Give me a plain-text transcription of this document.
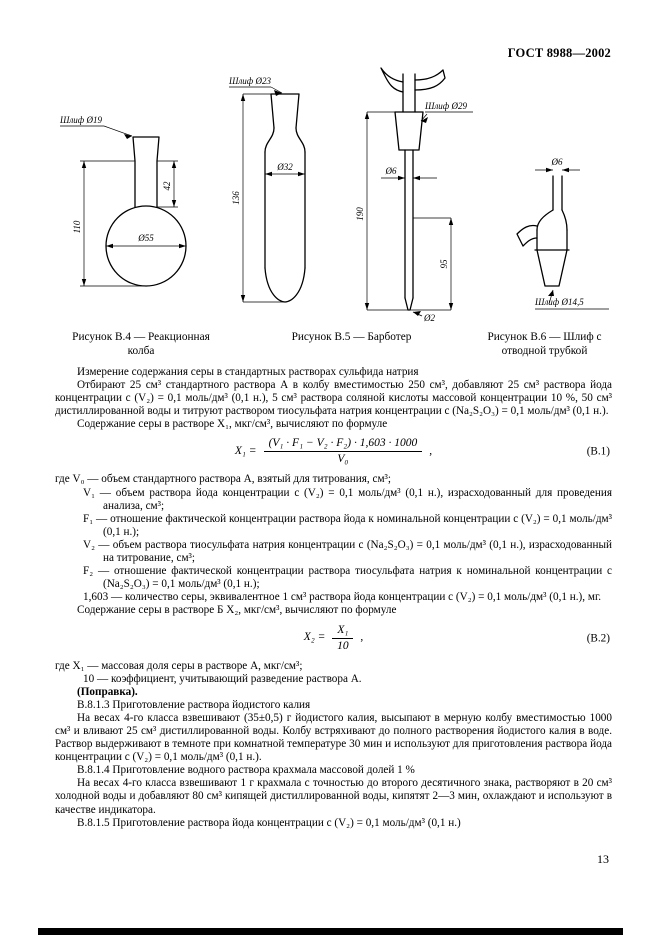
ГОСТ 8988—2002
Шлиф Ø19
110
42
Ø55
Рисунок В.4 — Реакционная колба
Шлиф Ø23
136
Ø32
Шлиф Ø29
Ø6
190
95
Ø2
Рисунок В.5 — Барботер
Ø6
Шлиф Ø14,5
Рисунок В.6 — Шлиф с отводной трубкой

Измерение содержания серы в стандартных растворах сульфида натрия

Отбирают 25 см³ стандартного раствора А в колбу вместимостью 250 см³, добавляют 25 см³ раствора йода концентрации c (V₂) = 0,1 моль/дм³ (0,1 н.), 5 см³ раствора соляной кислоты массовой концентрации 10 %, 50 см³ дистиллированной воды и титруют раствором тиосульфата натрия концентрации c (Na₂S₂O₃) = 0,1 моль/дм³ (0,1 н.).

Содержание серы в растворе X₁, мкг/см³, вычисляют по формуле

$X_1 = \frac{\text{(V₁ · F₁ − V₂ · F₂) · 1,603 · 1000}}{\text{V₀}}$ ,	(В.1)

где V₀ — объем стандартного раствора А, взятый для титрования, см³;

V₁ — объем раствора йода концентрации c (V₂) = 0,1 моль/дм³ (0,1 н.), израсходованный для проведения анализа, см³;

F₁ — отношение фактической концентрации раствора йода к номинальной концентрации c (V₂) = 0,1 моль/дм³ (0,1 н.);

V₂ — объем раствора тиосульфата натрия концентрации c (Na₂S₂O₃) = 0,1 моль/дм³ (0,1 н.), израсходованный на титрование, см³;

F₂ — отношение фактической концентрации раствора тиосульфата натрия к номинальной концентрации c (Na₂S₂O₃) = 0,1 моль/дм³ (0,1 н.);

1,603 — количество серы, эквивалентное 1 см³ раствора йода концентрации c (V₂) = 0,1 моль/дм³ (0,1 н.), мг.

Содержание серы в растворе Б X₂, мкг/см³, вычисляют по формуле

$X_2 = \frac{\text{X₁}}{10}$ ,	(В.2)

где X₁ — массовая доля серы в растворе А, мкг/см³;

10 — коэффициент, учитывающий разведение раствора А.

(Поправка).

В.8.1.3 Приготовление раствора йодистого калия

На весах 4-го класса взвешивают (35±0,5) г йодистого калия, высыпают в мерную колбу вместимостью 1000 см³ и вливают 25 см³ дистиллированной воды. Колбу встряхивают до полного растворения йодистого калия в воде. Раствор выдерживают в темноте при комнатной температуре 30 мин и используют для приготовления раствора йода концентрации c (V₂) = 0,1 моль/дм³ (0,1 н.).

В.8.1.4 Приготовление водного раствора крахмала массовой долей 1 %

На весах 4-го класса взвешивают 1 г крахмала с точностью до второго десятичного знака, растворяют в 20 см³ холодной воды и добавляют 80 см³ кипящей дистиллированной воды, кипятят 2—3 мин, охлаждают и используют в качестве индикатора.

В.8.1.5 Приготовление раствора йода концентрации c (V₂) = 0,1 моль/дм³ (0,1 н.)

13
